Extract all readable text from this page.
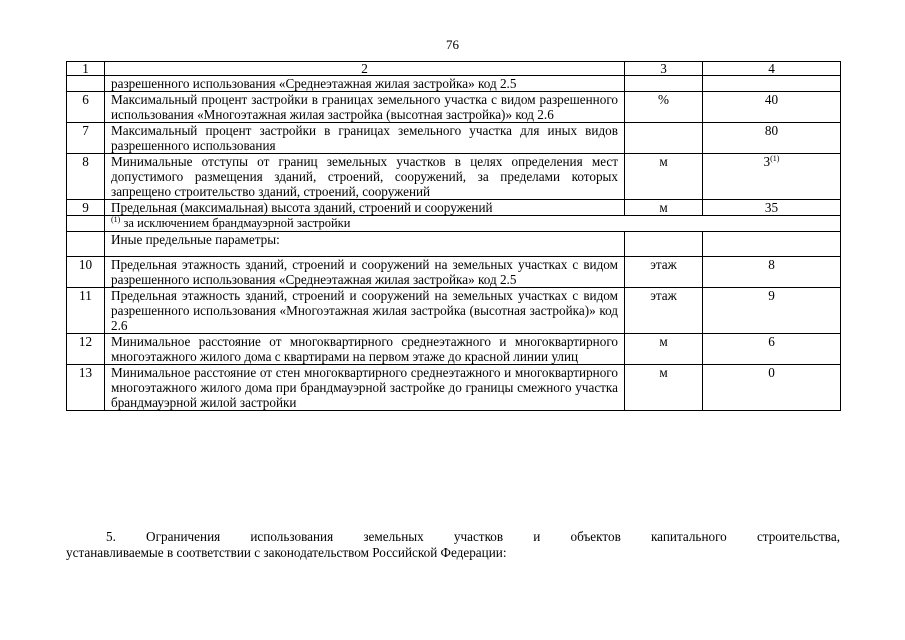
76
1	2	3	4
	разрешенного использования «Среднеэтажная жилая застройка» код 2.5		
6	Максимальный процент застройки в границах земельного участка с видом разрешенного использования «Многоэтажная жилая застройка (высотная застройка)» код 2.6	%	40
7	Максимальный процент застройки в границах земельного участка для иных видов разрешенного использования		80
8	Минимальные отступы от границ земельных участков в целях определения мест допустимого размещения зданий, строений, сооружений, за пределами которых запрещено строительство зданий, строений, сооружений	м	3$^{(1)}$
9	Предельная (максимальная) высота зданий, строений и сооружений	м	35
	$^{(1)}$ за исключением брандмауэрной застройки		
	Иные предельные параметры:		
10	Предельная этажность зданий, строений и сооружений на земельных участках с видом разрешенного использования «Среднеэтажная жилая застройка» код 2.5	этаж	8
11	Предельная этажность зданий, строений и сооружений на земельных участках с видом разрешенного использования «Многоэтажная жилая застройка (высотная застройка)» код 2.6	этаж	9
12	Минимальное расстояние от многоквартирного среднеэтажного и многоквартирного многоэтажного жилого дома с квартирами на первом этаже до красной линии улиц	м	6
13	Минимальное расстояние от стен многоквартирного среднеэтажного и многоквартирного многоэтажного жилого дома при брандмауэрной застройке до границы смежного участка брандмауэрной жилой застройки	м	0
5. Ограничения использования земельных участков и объектов капитального строительства,
устанавливаемые в соответствии с законодательством Российской Федерации:
